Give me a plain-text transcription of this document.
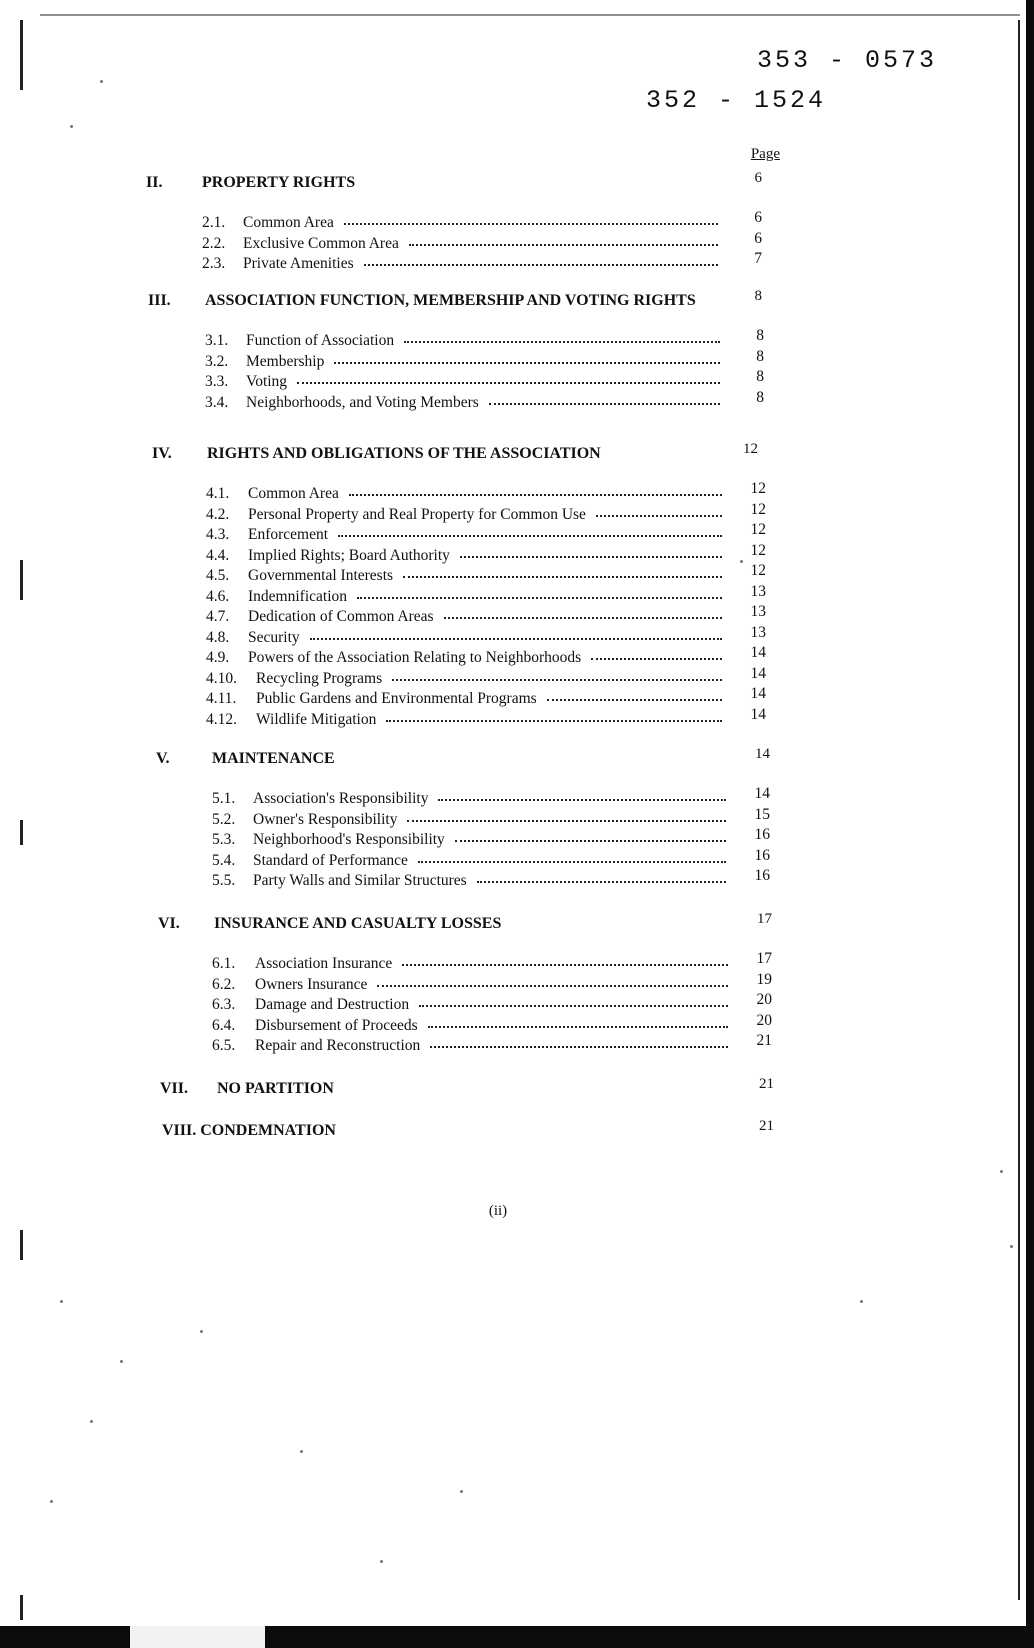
353 - 0573
352 - 1524
Page
II. PROPERTY RIGHTS	6
2.1. Common Area	6
2.2. Exclusive Common Area	6
2.3. Private Amenities	7
III. ASSOCIATION FUNCTION, MEMBERSHIP AND VOTING RIGHTS	8
3.1. Function of Association	8
3.2. Membership	8
3.3. Voting	8
3.4. Neighborhoods, and Voting Members	8
IV. RIGHTS AND OBLIGATIONS OF THE ASSOCIATION	12
4.1. Common Area	12
4.2. Personal Property and Real Property for Common Use	12
4.3. Enforcement	12
4.4. Implied Rights; Board Authority	12
4.5. Governmental Interests	12
4.6. Indemnification	13
4.7. Dedication of Common Areas	13
4.8. Security	13
4.9. Powers of the Association Relating to Neighborhoods	14
4.10. Recycling Programs	14
4.11. Public Gardens and Environmental Programs	14
4.12. Wildlife Mitigation	14
V.	MAINTENANCE	14
5.1. Association's Responsibility	14
5.2. Owner's Responsibility	15
5.3. Neighborhood's Responsibility	16
5.4. Standard of Performance	16
5.5. Party Walls and Similar Structures	16
VI. INSURANCE AND CASUALTY LOSSES	17
6.1. Association Insurance	17
6.2. Owners Insurance	19
6.3. Damage and Destruction	20
6.4. Disbursement of Proceeds	20
6.5. Repair and Reconstruction	21
VII. NO PARTITION	21
VIII. CONDEMNATION	21
(ii)
